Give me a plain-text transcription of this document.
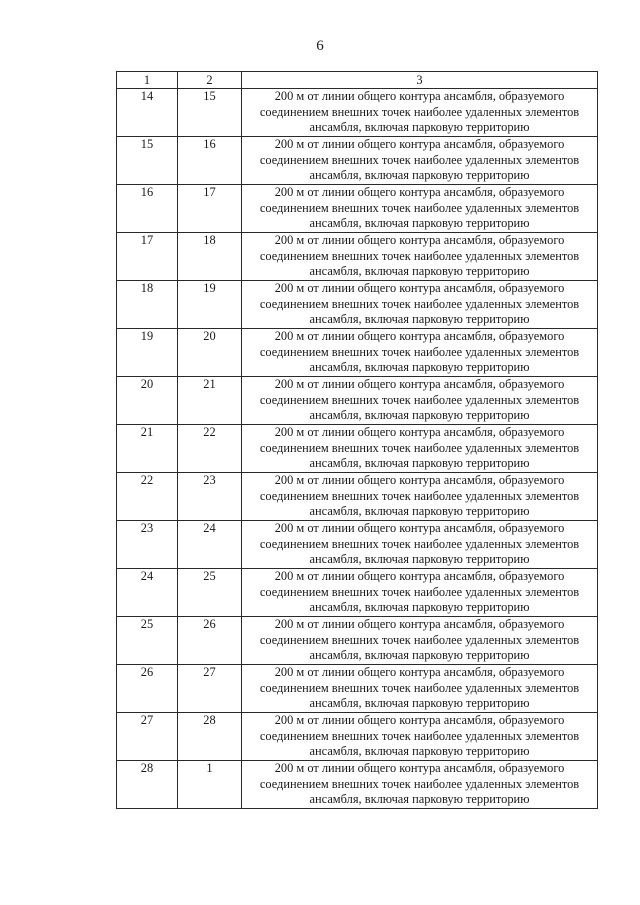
6
1	2	3
14	15	200 м от линии общего контура ансамбля, образуемого соединением внешних точек наиболее удаленных элементов ансамбля, включая парковую территорию
15	16	200 м от линии общего контура ансамбля, образуемого соединением внешних точек наиболее удаленных элементов ансамбля, включая парковую территорию
16	17	200 м от линии общего контура ансамбля, образуемого соединением внешних точек наиболее удаленных элементов ансамбля, включая парковую территорию
17	18	200 м от линии общего контура ансамбля, образуемого соединением внешних точек наиболее удаленных элементов ансамбля, включая парковую территорию
18	19	200 м от линии общего контура ансамбля, образуемого соединением внешних точек наиболее удаленных элементов ансамбля, включая парковую территорию
19	20	200 м от линии общего контура ансамбля, образуемого соединением внешних точек наиболее удаленных элементов ансамбля, включая парковую территорию
20	21	200 м от линии общего контура ансамбля, образуемого соединением внешних точек наиболее удаленных элементов ансамбля, включая парковую территорию
21	22	200 м от линии общего контура ансамбля, образуемого соединением внешних точек наиболее удаленных элементов ансамбля, включая парковую территорию
22	23	200 м от линии общего контура ансамбля, образуемого соединением внешних точек наиболее удаленных элементов ансамбля, включая парковую территорию
23	24	200 м от линии общего контура ансамбля, образуемого соединением внешних точек наиболее удаленных элементов ансамбля, включая парковую территорию
24	25	200 м от линии общего контура ансамбля, образуемого соединением внешних точек наиболее удаленных элементов ансамбля, включая парковую территорию
25	26	200 м от линии общего контура ансамбля, образуемого соединением внешних точек наиболее удаленных элементов ансамбля, включая парковую территорию
26	27	200 м от линии общего контура ансамбля, образуемого соединением внешних точек наиболее удаленных элементов ансамбля, включая парковую территорию
27	28	200 м от линии общего контура ансамбля, образуемого соединением внешних точек наиболее удаленных элементов ансамбля, включая парковую территорию
28	1	200 м от линии общего контура ансамбля, образуемого соединением внешних точек наиболее удаленных элементов ансамбля, включая парковую территорию
